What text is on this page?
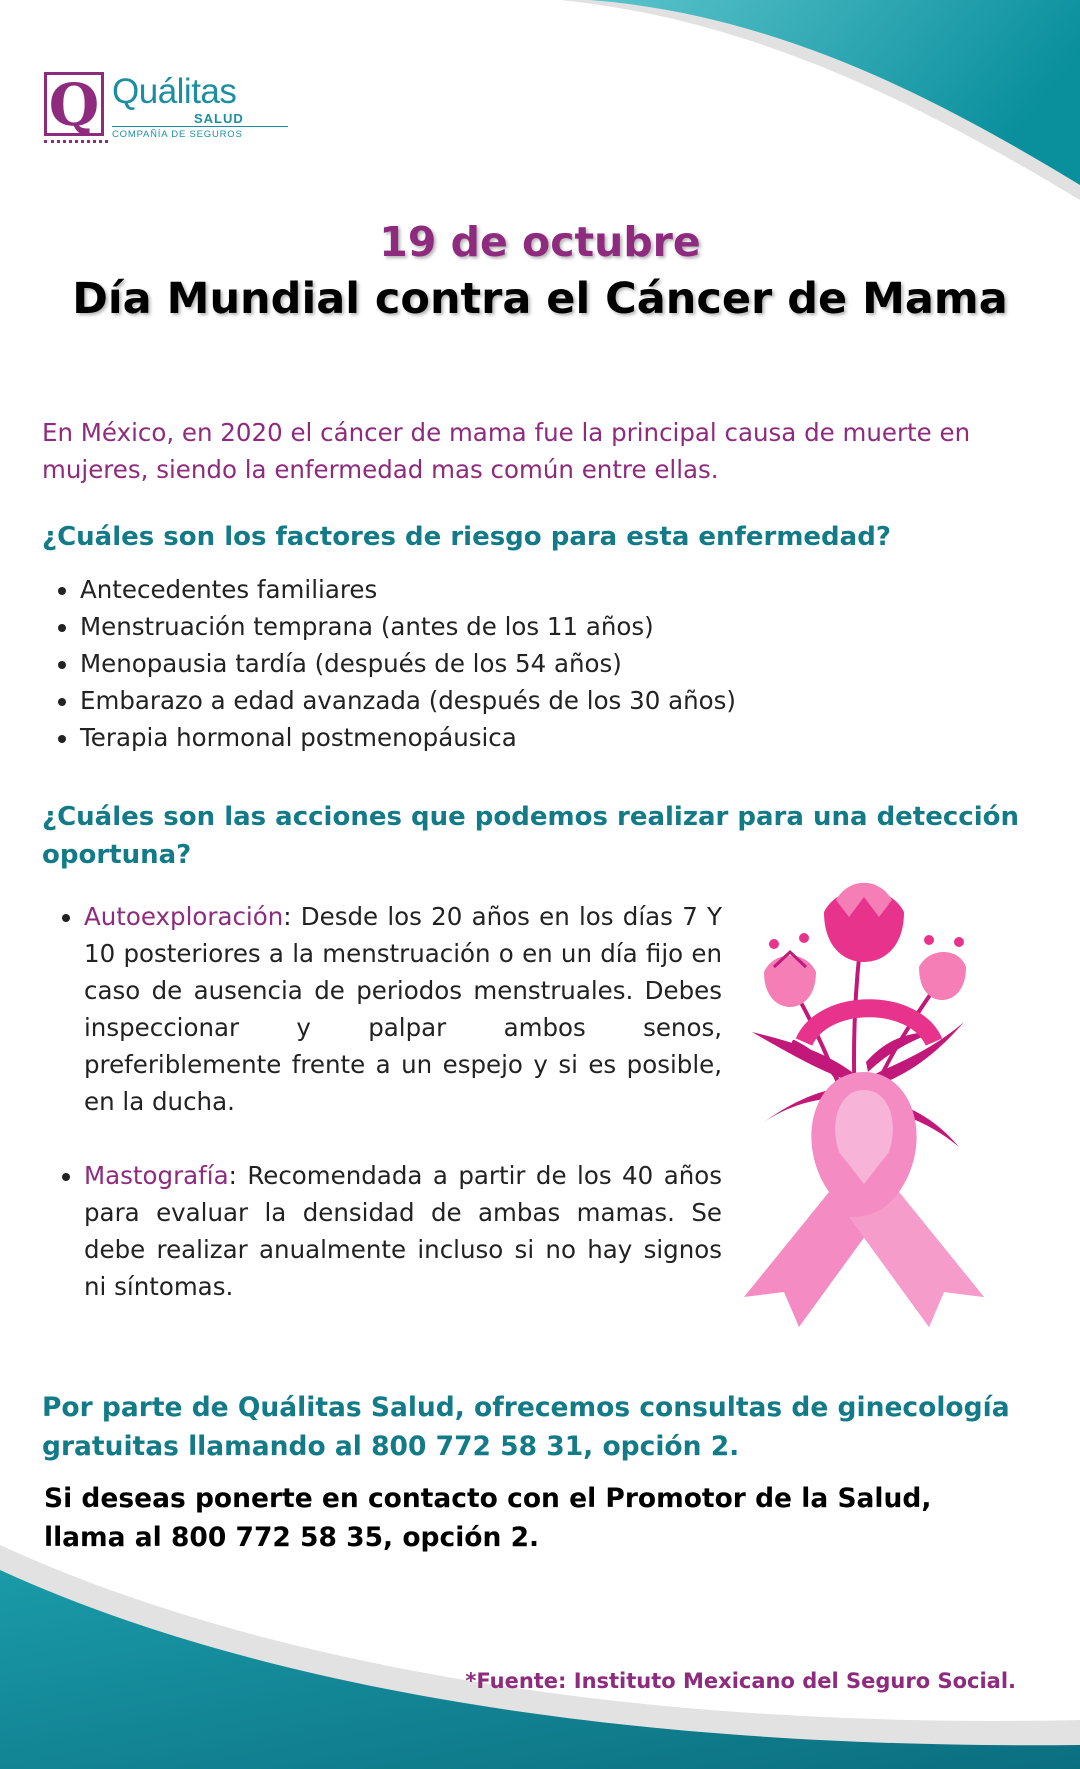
Q Quálitas
SALUD
COMPAÑÍA DE SEGUROS
19 de octubre
Día Mundial contra el Cáncer de Mama
En México, en 2020 el cáncer de mama fue la principal causa de muerte en mujeres, siendo la enfermedad mas común entre ellas.
¿Cuáles son los factores de riesgo para esta enfermedad?
• Antecedentes familiares
• Menstruación temprana (antes de los 11 años)
• Menopausia tardía (después de los 54 años)
• Embarazo a edad avanzada (después de los 30 años)
• Terapia hormonal postmenopáusica
¿Cuáles son las acciones que podemos realizar para una detección oportuna?
• Autoexploración: Desde los 20 años en los días 7 Y 10 posteriores a la menstruación o en un día fijo en caso de ausencia de periodos menstruales. Debes inspeccionar y palpar ambos senos, preferiblemente frente a un espejo y si es posible, en la ducha.
• Mastografía: Recomendada a partir de los 40 años para evaluar la densidad de ambas mamas. Se debe realizar anualmente incluso si no hay signos ni síntomas.
Por parte de Quálitas Salud, ofrecemos consultas de ginecología
gratuitas llamando al 800 772 58 31, opción 2.
Si deseas ponerte en contacto con el Promotor de la Salud,
llama al 800 772 58 35, opción 2.
*Fuente: Instituto Mexicano del Seguro Social.
